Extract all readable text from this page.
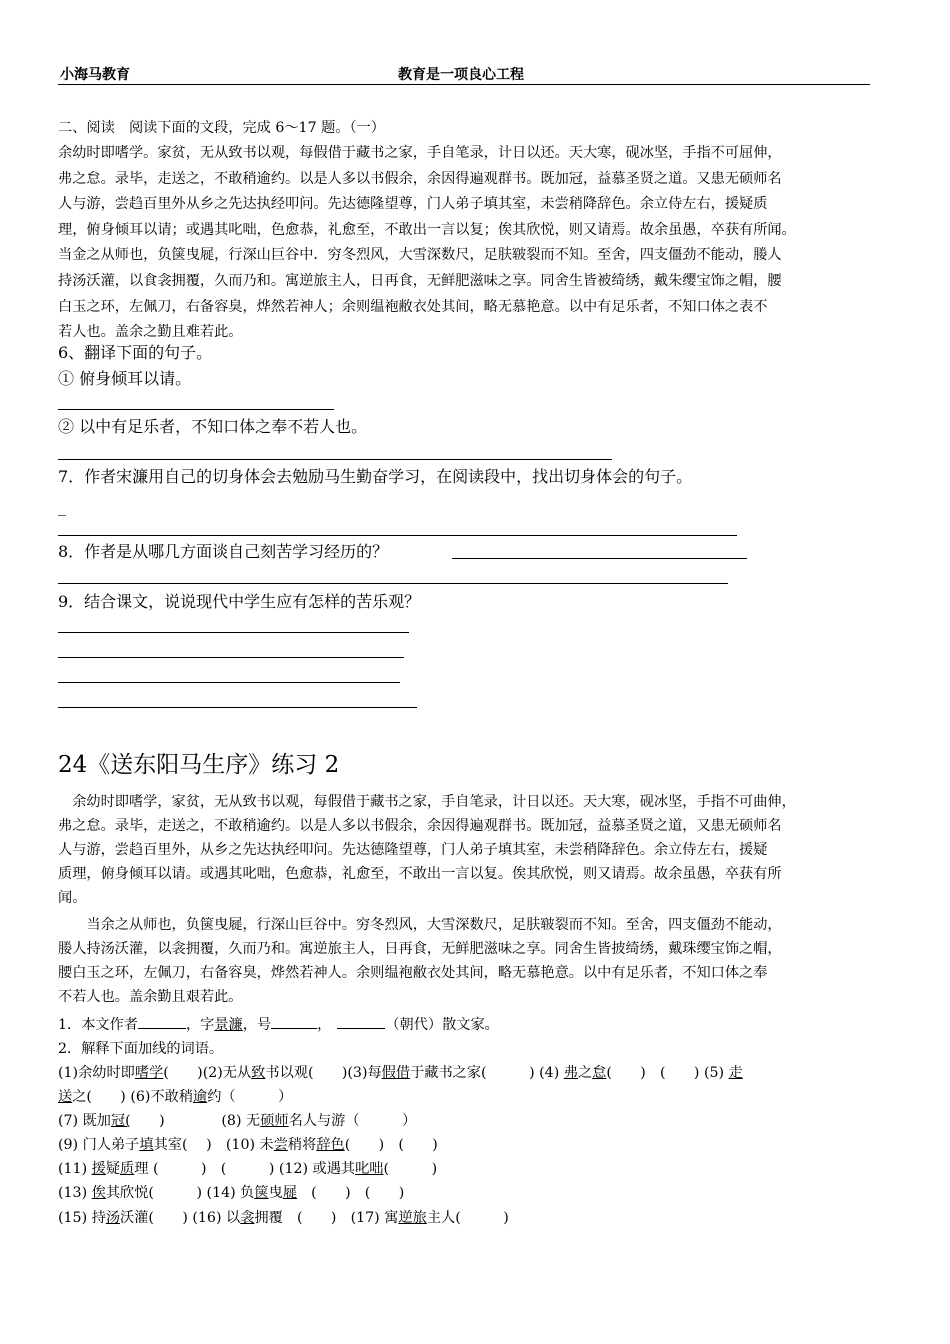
小海马教育	教育是一项良心工程
二、阅读　阅读下面的文段，完成 6～17 题。（一）
余幼时即嗜学。家贫，无从致书以观，每假借于藏书之家，手自笔录，计日以还。天大寒，砚冰坚，手指不可屈伸，
弗之怠。录毕，走送之，不敢稍逾约。以是人多以书假余，余因得遍观群书。既加冠，益慕圣贤之道。又患无硕师名
人与游，尝趋百里外从乡之先达执经叩问。先达德隆望尊，门人弟子填其室，未尝稍降辞色。余立侍左右，援疑质
理，俯身倾耳以请；或遇其叱咄，色愈恭，礼愈至，不敢出一言以复；俟其欣悦，则又请焉。故余虽愚，卒获有所闻。
当金之从师也，负箧曳屣，行深山巨谷中．穷冬烈风，大雪深数尺，足肤皲裂而不知。至舍，四支僵劲不能动，媵人
持汤沃灌，以食衾拥覆，久而乃和。寓逆旅主人，日再食，无鲜肥滋味之享。同舍生皆被绮绣，戴朱缨宝饰之帽，腰
白玉之环，左佩刀，右备容臭，烨然若神人；余则缊袍敝衣处其间，略无慕艳意。以中有足乐者，不知口体之表不
若人也。盖余之勤且难若此。
6、翻译下面的句子。
① 俯身倾耳以请。
② 以中有足乐者，不知口体之奉不若人也。
7．作者宋濂用自己的切身体会去勉励马生勤奋学习，在阅读段中，找出切身体会的句子。
_
8．作者是从哪几方面谈自己刻苦学习经历的？
9．结合课文，说说现代中学生应有怎样的苦乐观？
24《送东阳马生序》练习 2
　余幼时即嗜学，家贫，无从致书以观，每假借于藏书之家，手自笔录，计日以还。天大寒，砚冰坚，手指不可曲伸，
弗之怠。录毕，走送之，不敢稍逾约。以是人多以书假余，余因得遍观群书。既加冠，益慕圣贤之道，又患无硕师名
人与游，尝趋百里外，从乡之先达执经叩问。先达德隆望尊，门人弟子填其室，未尝稍降辞色。余立侍左右，援疑
质理，俯身倾耳以请。或遇其叱咄，色愈恭，礼愈至，不敢出一言以复。俟其欣悦，则又请焉。故余虽愚，卒获有所
闻。
　　当余之从师也，负箧曳屣，行深山巨谷中。穷冬烈风，大雪深数尺，足肤皲裂而不知。至舍，四支僵劲不能动，
媵人持汤沃灌，以衾拥覆，久而乃和。寓逆旅主人，日再食，无鲜肥滋味之享。同舍生皆披绮绣，戴珠缨宝饰之帽，
腰白玉之环，左佩刀，右备容臭，烨然若神人。余则缊袍敝衣处其间，略无慕艳意。以中有足乐者，不知口体之奉
不若人也。盖余勤且艰若此。
1．本文作者	，字景濂，号	，	（朝代）散文家。
2．解释下面加线的词语。
(1)余幼时即嗜学(　　)(2)无从致书以观(　　)(3)每假借于藏书之家(　　　) (4) 弗之怠(　　)　(　　) (5) 走
送之(　　) (6)不敢稍逾约（　　　）
(7) 既加冠(　　)　　　　(8) 无硕师名人与游（　　　）
(9) 门人弟子填其室(　 )　(10) 未尝稍将辞色(　　)　(　　)
(11) 援疑质理 (　　　)　(　　　) (12) 或遇其叱咄(　　　)
(13) 俟其欣悦(　　　) (14) 负箧曳屣　(　　)　(　　)
(15) 持汤沃灌(　　) (16) 以衾拥覆　(　　)　(17) 寓逆旅主人(　　　)
